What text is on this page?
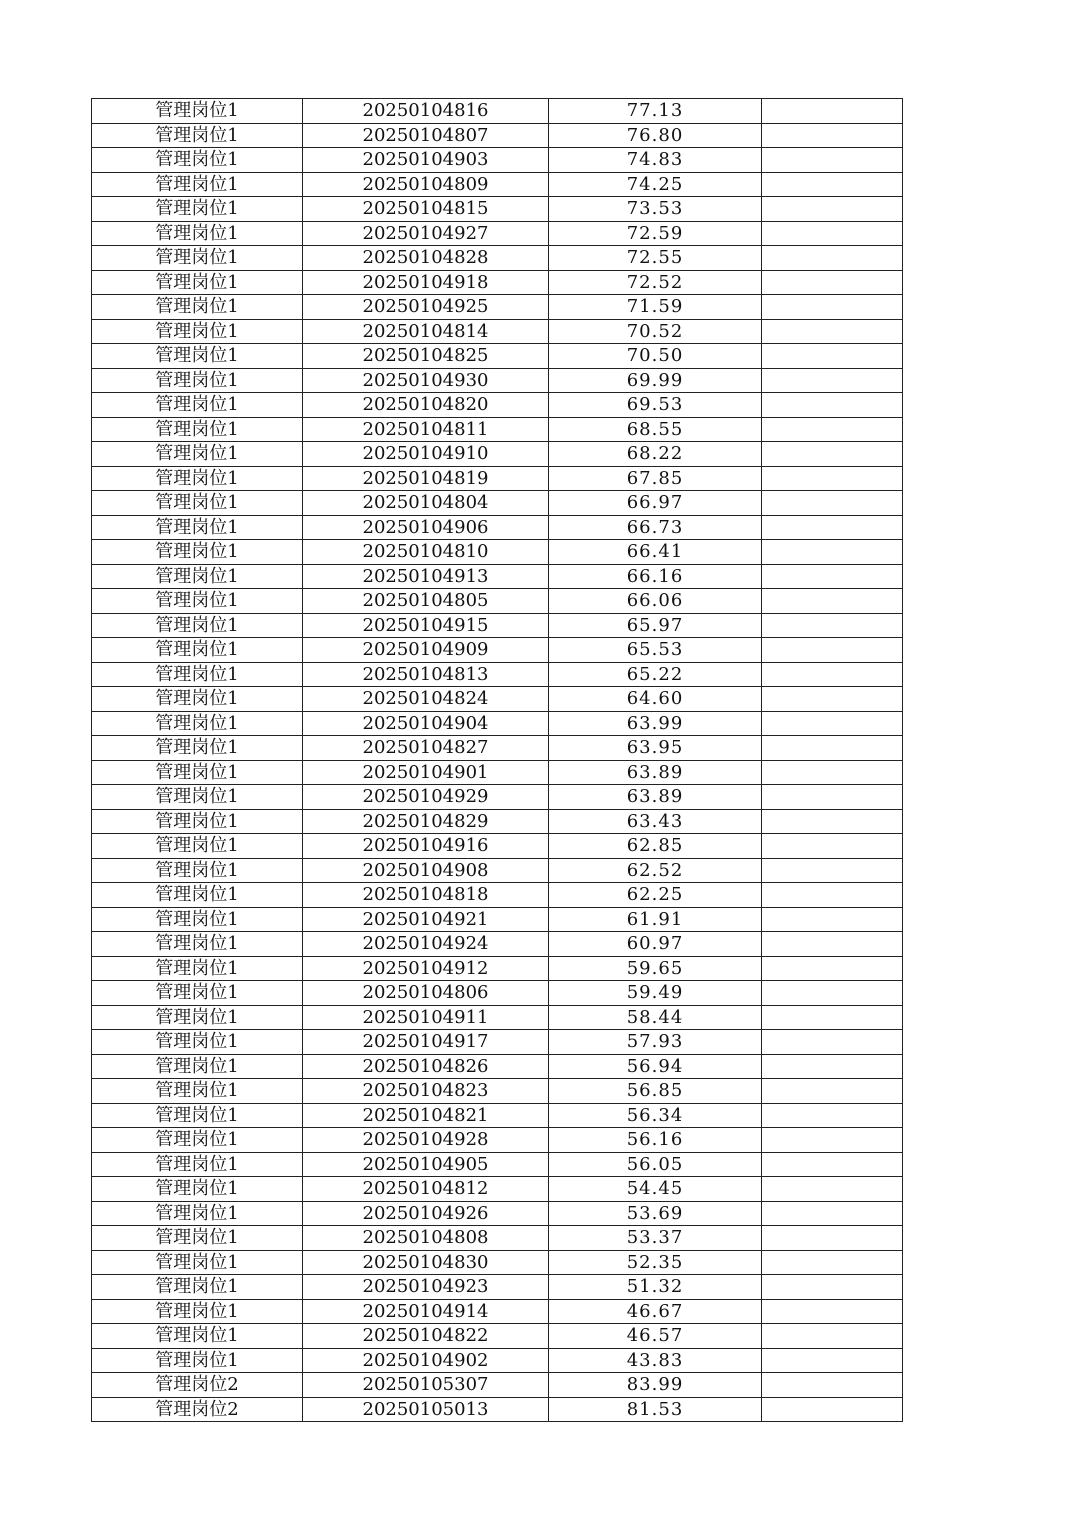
管理岗位1	20250104816	77.13	
管理岗位1	20250104807	76.80	
管理岗位1	20250104903	74.83	
管理岗位1	20250104809	74.25	
管理岗位1	20250104815	73.53	
管理岗位1	20250104927	72.59	
管理岗位1	20250104828	72.55	
管理岗位1	20250104918	72.52	
管理岗位1	20250104925	71.59	
管理岗位1	20250104814	70.52	
管理岗位1	20250104825	70.50	
管理岗位1	20250104930	69.99	
管理岗位1	20250104820	69.53	
管理岗位1	20250104811	68.55	
管理岗位1	20250104910	68.22	
管理岗位1	20250104819	67.85	
管理岗位1	20250104804	66.97	
管理岗位1	20250104906	66.73	
管理岗位1	20250104810	66.41	
管理岗位1	20250104913	66.16	
管理岗位1	20250104805	66.06	
管理岗位1	20250104915	65.97	
管理岗位1	20250104909	65.53	
管理岗位1	20250104813	65.22	
管理岗位1	20250104824	64.60	
管理岗位1	20250104904	63.99	
管理岗位1	20250104827	63.95	
管理岗位1	20250104901	63.89	
管理岗位1	20250104929	63.89	
管理岗位1	20250104829	63.43	
管理岗位1	20250104916	62.85	
管理岗位1	20250104908	62.52	
管理岗位1	20250104818	62.25	
管理岗位1	20250104921	61.91	
管理岗位1	20250104924	60.97	
管理岗位1	20250104912	59.65	
管理岗位1	20250104806	59.49	
管理岗位1	20250104911	58.44	
管理岗位1	20250104917	57.93	
管理岗位1	20250104826	56.94	
管理岗位1	20250104823	56.85	
管理岗位1	20250104821	56.34	
管理岗位1	20250104928	56.16	
管理岗位1	20250104905	56.05	
管理岗位1	20250104812	54.45	
管理岗位1	20250104926	53.69	
管理岗位1	20250104808	53.37	
管理岗位1	20250104830	52.35	
管理岗位1	20250104923	51.32	
管理岗位1	20250104914	46.67	
管理岗位1	20250104822	46.57	
管理岗位1	20250104902	43.83	
管理岗位2	20250105307	83.99	
管理岗位2	20250105013	81.53	
